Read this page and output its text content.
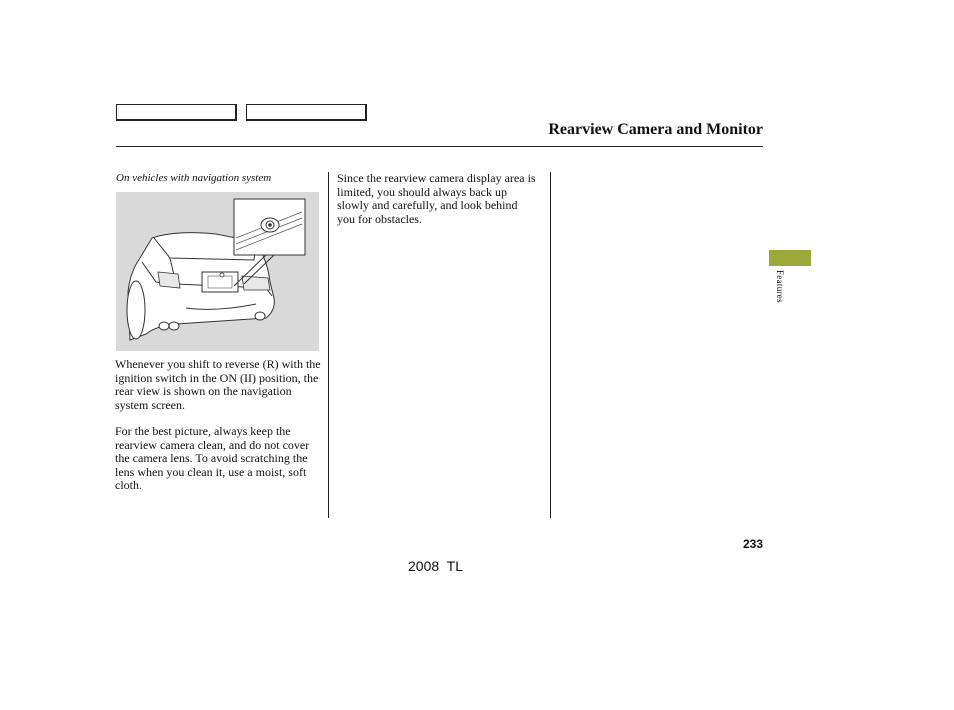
Rearview Camera and Monitor
On vehicles with navigation system

Whenever you shift to reverse (R) with the ignition switch in the ON (II) position, the rear view is shown on the navigation system screen.

For the best picture, always keep the rearview camera clean, and do not cover the camera lens. To avoid scratching the lens when you clean it, use a moist, soft cloth.

Since the rearview camera display area is limited, you should always back up slowly and carefully, and look behind you for obstacles.

Features
233
2008  TL
